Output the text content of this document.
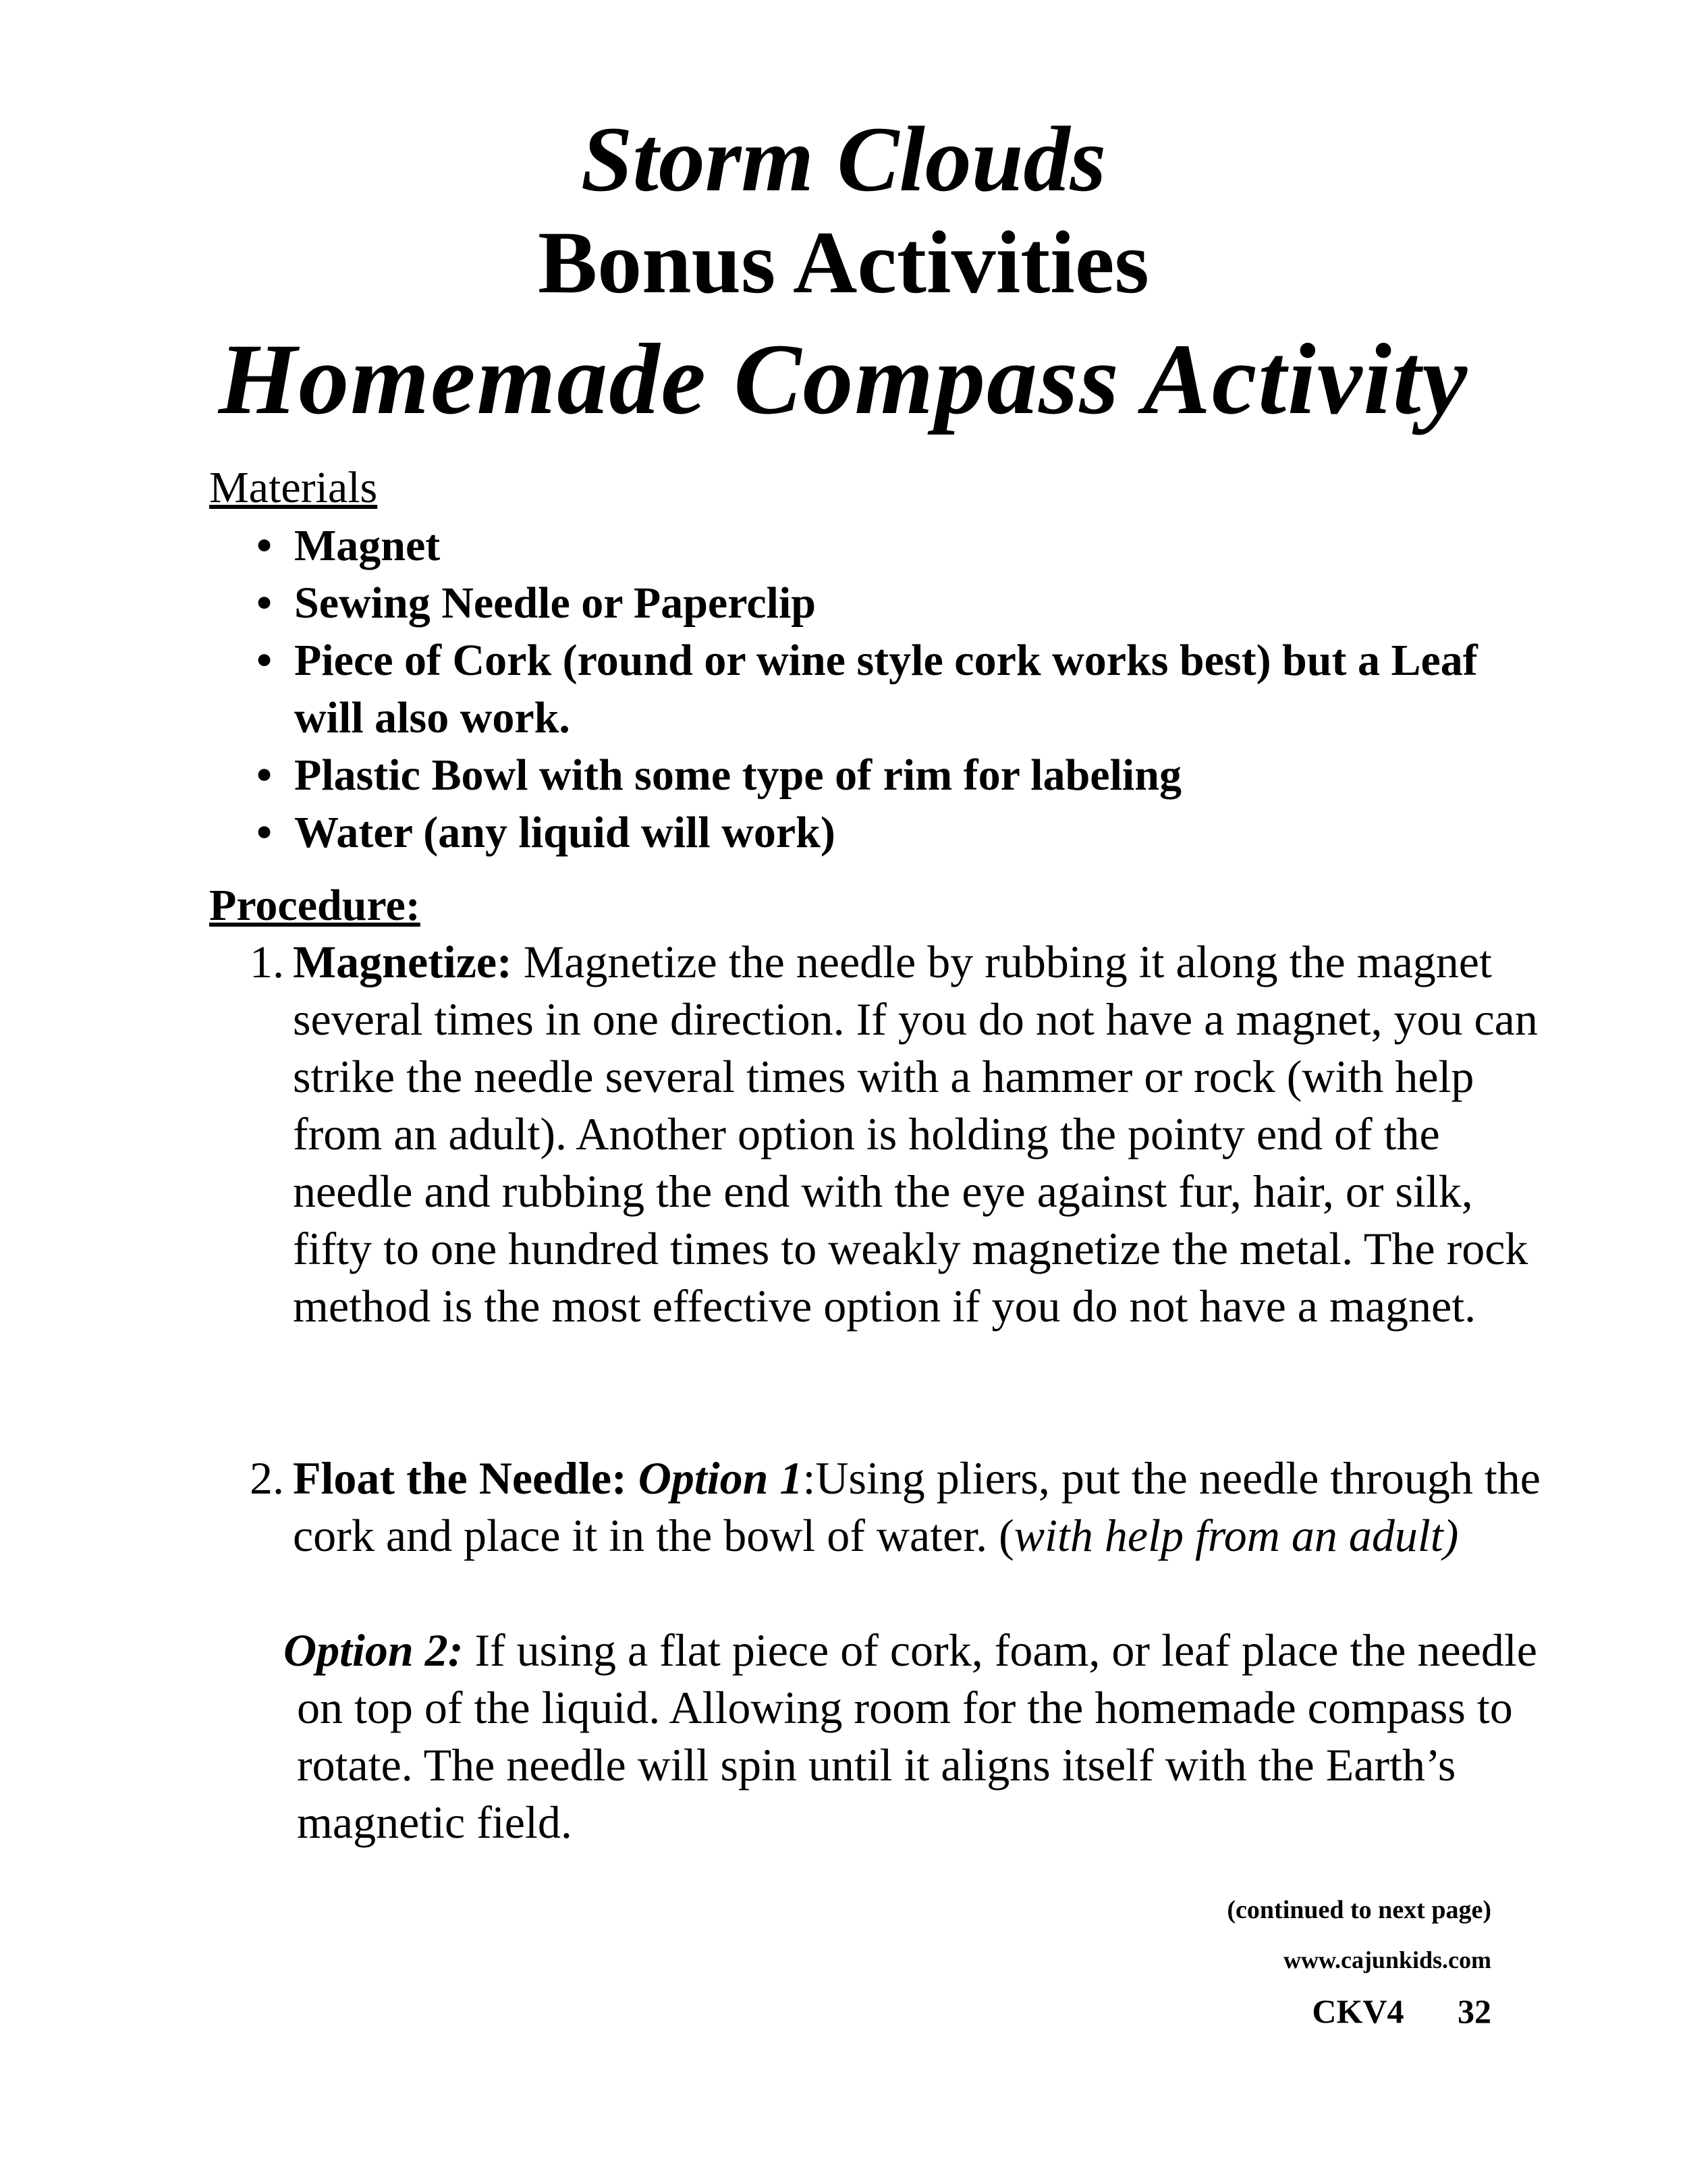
Storm Clouds
Bonus Activities
Homemade Compass Activity
Materials
• Magnet
• Sewing Needle or Paperclip
• Piece of Cork (round or wine style cork works best) but a Leaf will also work.
• Plastic Bowl with some type of rim for labeling
• Water (any liquid will work)
Procedure:
1. Magnetize: Magnetize the needle by rubbing it along the magnet several times in one direction. If you do not have a magnet, you can strike the needle several times with a hammer or rock (with help from an adult). Another option is holding the pointy end of the needle and rubbing the end with the eye against fur, hair, or silk, fifty to one hundred times to weakly magnetize the metal. The rock method is the most effective option if you do not have a magnet.
2. Float the Needle: Option 1:Using pliers, put the needle through the cork and place it in the bowl of water. (with help from an adult)
Option 2: If using a flat piece of cork, foam, or leaf place the needle on top of the liquid. Allowing room for the homemade compass to rotate. The needle will spin until it aligns itself with the Earth’s magnetic field.
(continued to next page)
www.cajunkids.com
CKV4   32
